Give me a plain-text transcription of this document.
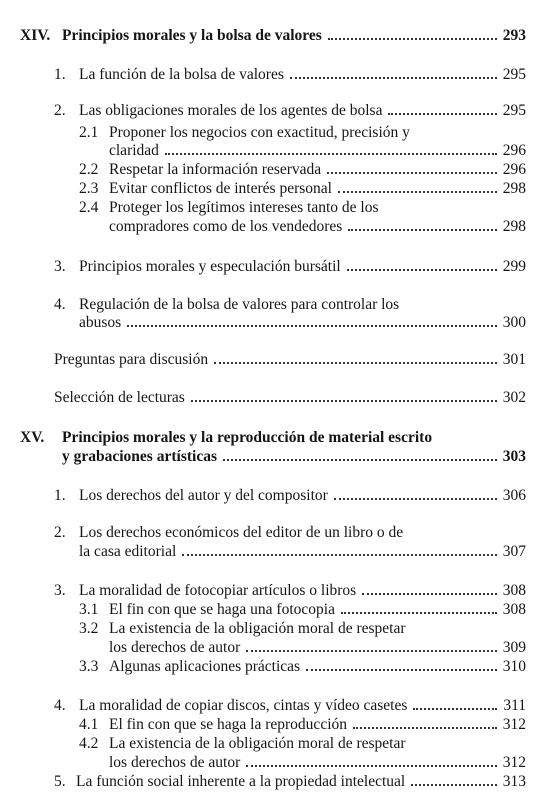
XIV. Principios morales y la bolsa de valores	293
1. La función de la bolsa de valores	295
2. Las obligaciones morales de los agentes de bolsa	295
2.1 Proponer los negocios con exactitud, precisión y
claridad	296
2.2 Respetar la información reservada	296
2.3 Evitar conflictos de interés personal	298
2.4 Proteger los legítimos intereses tanto de los
compradores como de los vendedores	298
3. Principios morales y especulación bursátil	299
4. Regulación de la bolsa de valores para controlar los
abusos	300
Preguntas para discusión	301
Selección de lecturas	302
XV. Principios morales y la reproducción de material escrito
y grabaciones artísticas	303
1. Los derechos del autor y del compositor	306
2. Los derechos económicos del editor de un libro o de
la casa editorial	307
3. La moralidad de fotocopiar artículos o libros	308
3.1 El fin con que se haga una fotocopia	308
3.2 La existencia de la obligación moral de respetar
los derechos de autor	309
3.3 Algunas aplicaciones prácticas	310
4. La moralidad de copiar discos, cintas y vídeo casetes	311
4.1 El fin con que se haga la reproducción	312
4.2 La existencia de la obligación moral de respetar
los derechos de autor	312
5. La función social inherente a la propiedad intelectual	313
